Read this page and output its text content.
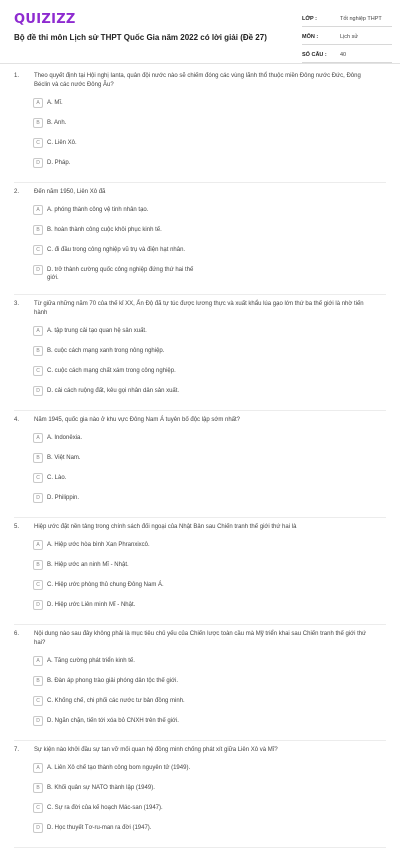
QUIZIZZ
Bộ đề thi môn Lịch sử THPT Quốc Gia năm 2022 có lời giải (Đề 27)
LỚP :	Tốt nghiệp THPT
MÔN :	Lịch sử
SỐ CÂU :	40
1.	Theo quyết định tại Hội nghị Ianta, quân đội nước nào sẽ chiếm đóng các vùng lãnh thổ thuộc miền Đông nước Đức, Đông Béclin và các nước Đông Âu?
A	A. Mĩ.
B	B. Anh.
C	C. Liên Xô.
D	D. Pháp.
2.	Đến năm 1950, Liên Xô đã
A	A. phóng thành công vệ tinh nhân tạo.
B	B. hoàn thành công cuộc khôi phục kinh tế.
C	C. đi đầu trong công nghiệp vũ trụ và điện hạt nhân.
D	D. trở thành cường quốc công nghiệp đứng thứ hai thế giới.
3.	Từ giữa những năm 70 của thế kỉ XX, Ấn Độ đã tự túc được lương thực và xuất khẩu lúa gạo lớn thứ ba thế giới là nhờ tiến hành
A	A. tập trung cải tạo quan hệ sản xuất.
B	B. cuộc cách mạng xanh trong nông nghiệp.
C	C. cuộc cách mạng chất xám trong công nghiệp.
D	D. cải cách ruộng đất, kêu gọi nhân dân sản xuất.
4.	Năm 1945, quốc gia nào ở khu vực Đông Nam Á tuyên bố độc lập sớm nhất?
A	A. Indonêxia.
B	B. Việt Nam.
C	C. Lào.
D	D. Philippin.
5.	Hiệp ước đặt nền tảng trong chính sách đối ngoại của Nhật Bản sau Chiến tranh thế giới thứ hai là
A	A. Hiệp ước hòa bình Xan Phranxixcô.
B	B. Hiệp ước an ninh Mĩ - Nhật.
C	C. Hiệp ước phòng thủ chung Đông Nam Á.
D	D. Hiệp ước Liên minh Mĩ - Nhật.
6.	Nội dung nào sau đây không phải là mục tiêu chủ yếu của Chiến lược toàn cầu mà Mỹ triển khai sau Chiến tranh thế giới thứ hai?
A	A. Tăng cường phát triển kinh tế.
B	B. Đàn áp phong trào giải phóng dân tộc thế giới.
C	C. Khống chế, chi phối các nước tư bản đồng minh.
D	D. Ngăn chặn, tiến tới xóa bỏ CNXH trên thế giới.
7.	Sự kiện nào khởi đầu sự tan vỡ mối quan hệ đồng minh chống phát xít giữa Liên Xô và Mĩ?
A	A. Liên Xô chế tạo thành công bom nguyên tử (1949).
B	B. Khối quân sự NATO thành lập (1949).
C	C. Sự ra đời của kế hoạch Mác-san (1947).
D	D. Học thuyết Tơ-ru-man ra đời (1947).
